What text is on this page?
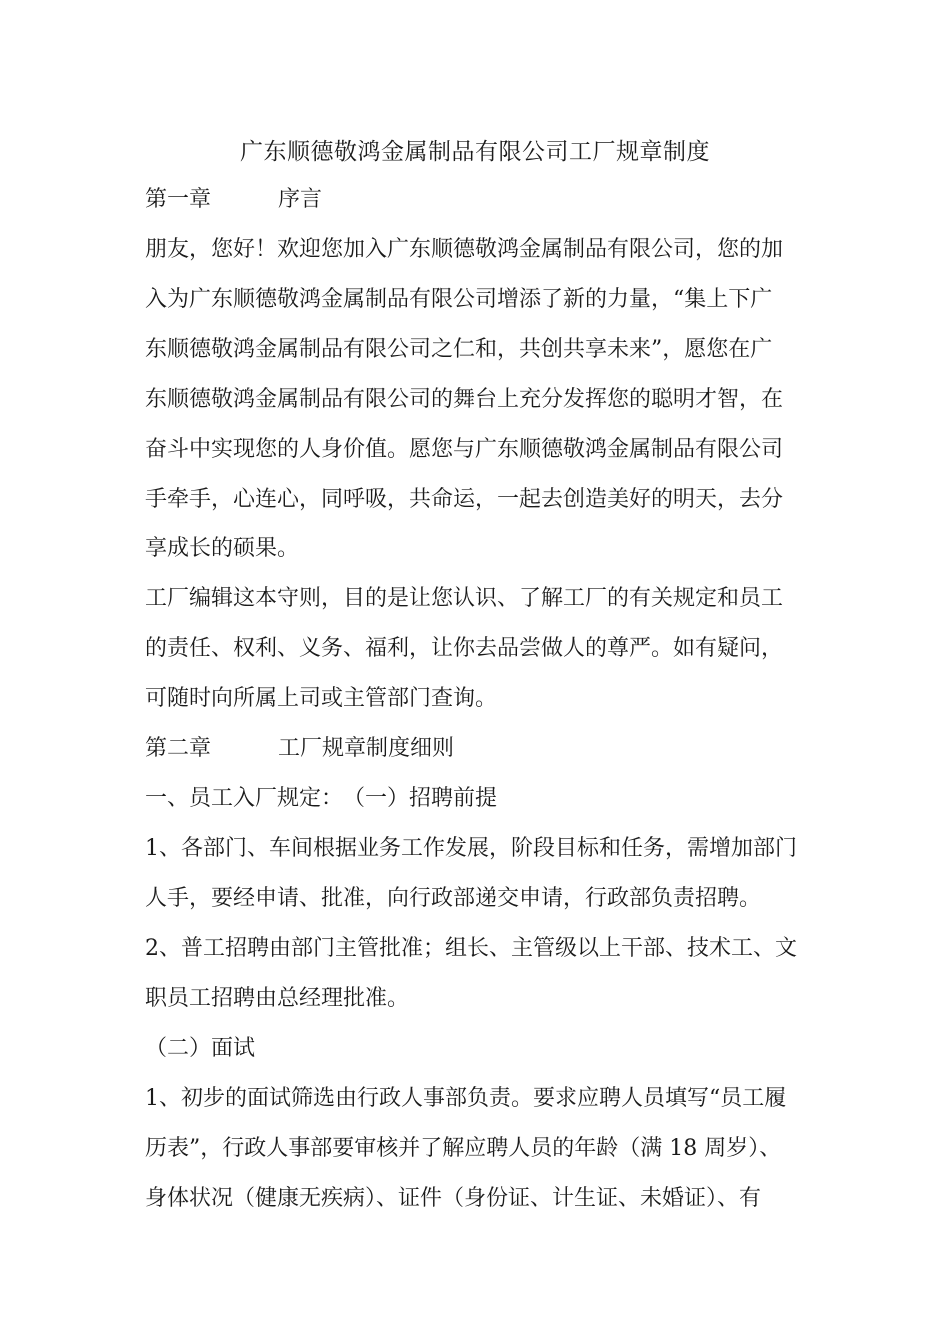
广东顺德敬鸿金属制品有限公司工厂规章制度

第一章	序言

朋友，您好！欢迎您加入广东顺德敬鸿金属制品有限公司，您的加

入为广东顺德敬鸿金属制品有限公司增添了新的力量，“集上下广

东顺德敬鸿金属制品有限公司之仁和，共创共享未来”，愿您在广

东顺德敬鸿金属制品有限公司的舞台上充分发挥您的聪明才智，在

奋斗中实现您的人身价值。愿您与广东顺德敬鸿金属制品有限公司

手牵手，心连心，同呼吸，共命运，一起去创造美好的明天，去分

享成长的硕果。

工厂编辑这本守则，目的是让您认识、了解工厂的有关规定和员工

的责任、权利、义务、福利，让你去品尝做人的尊严。如有疑问，

可随时向所属上司或主管部门查询。

第二章	工厂规章制度细则

一、员工入厂规定：　（一）招聘前提

1、各部门、车间根据业务工作发展，阶段目标和任务，需增加部门

人手，要经申请、批准，向行政部递交申请，行政部负责招聘。

2、普工招聘由部门主管批准；组长、主管级以上干部、技术工、文

职员工招聘由总经理批准。

（二）面试

1、初步的面试筛选由行政人事部负责。要求应聘人员填写“员工履

历表”，行政人事部要审核并了解应聘人员的年龄（满 18 周岁）、

身体状况（健康无疾病）、证件（身份证、计生证、未婚证）、有
